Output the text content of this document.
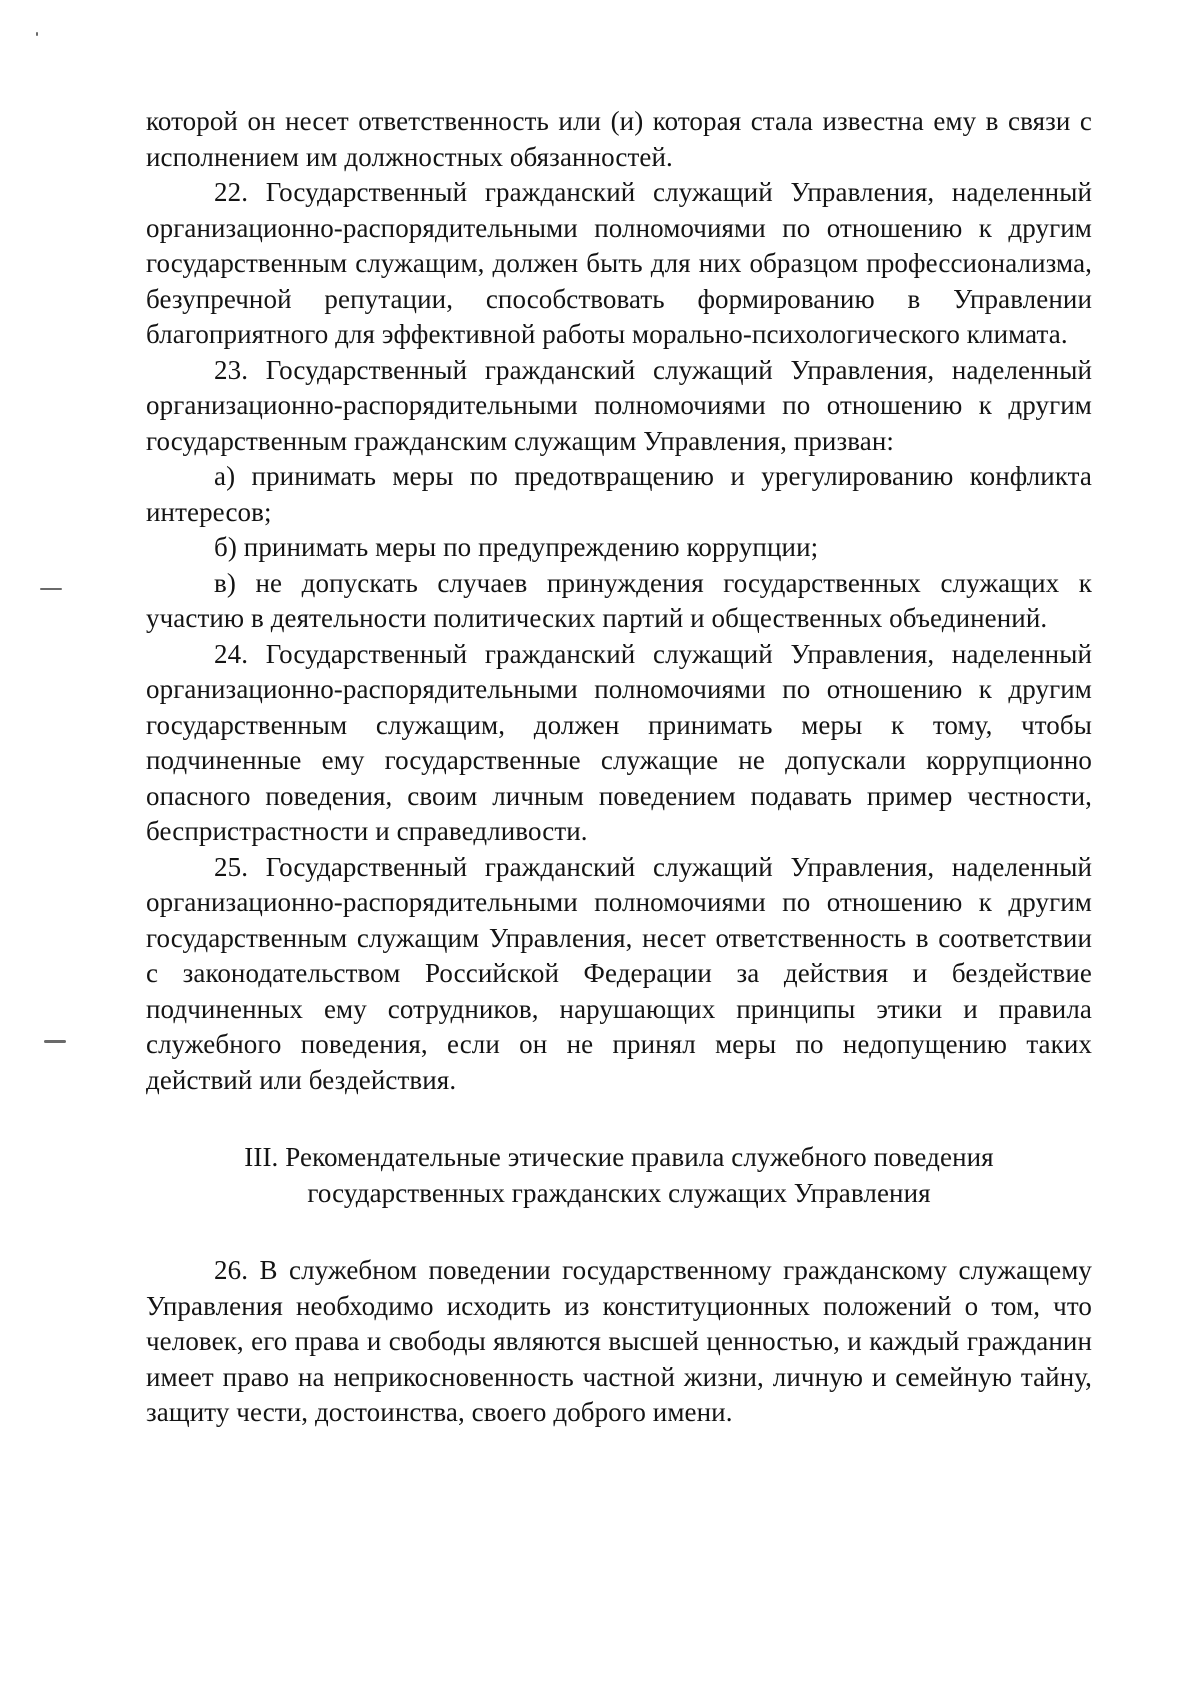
которой он несет ответственность или (и) которая стала известна ему в связи с исполнением им должностных обязанностей.

22. Государственный гражданский служащий Управления, наделенный организационно-распорядительными полномочиями по отношению к другим государственным служащим, должен быть для них образцом профессионализма, безупречной репутации, способствовать формированию в Управлении благоприятного для эффективной работы морально-психологического климата.

23. Государственный гражданский служащий Управления, наделенный организационно-распорядительными полномочиями по отношению к другим государственным гражданским служащим Управления, призван:

а) принимать меры по предотвращению и урегулированию конфликта интересов;

б) принимать меры по предупреждению коррупции;

в) не допускать случаев принуждения государственных служащих к участию в деятельности политических партий и общественных объединений.

24. Государственный гражданский служащий Управления, наделенный организационно-распорядительными полномочиями по отношению к другим государственным служащим, должен принимать меры к тому, чтобы подчиненные ему государственные служащие не допускали коррупционно опасного поведения, своим личным поведением подавать пример честности, беспристрастности и справедливости.

25. Государственный гражданский служащий Управления, наделенный организационно-распорядительными полномочиями по отношению к другим государственным служащим Управления, несет ответственность в соответствии с законодательством Российской Федерации за действия и бездействие подчиненных ему сотрудников, нарушающих принципы этики и правила служебного поведения, если он не принял меры по недопущению таких действий или бездействия.

III. Рекомендательные этические правила служебного поведения
государственных гражданских служащих Управления

26. В служебном поведении государственному гражданскому служащему Управления необходимо исходить из конституционных положений о том, что человек, его права и свободы являются высшей ценностью, и каждый гражданин имеет право на неприкосновенность частной жизни, личную и семейную тайну, защиту чести, достоинства, своего доброго имени.
